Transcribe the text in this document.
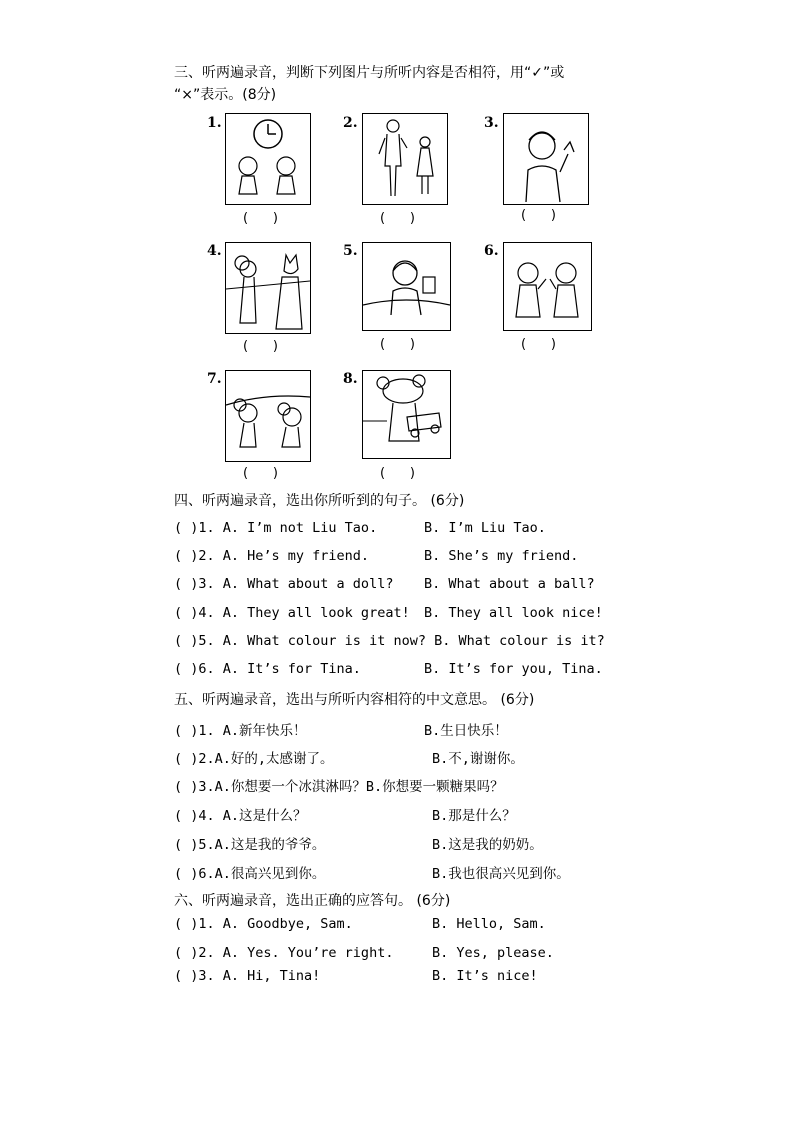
三、听两遍录音，判断下列图片与所听内容是否相符，用“✓”或
“×”表示。(8分)
1.
(      )
2.
(      )
3.
(      )
4.
(      )
5.
(      )
6.
(      )
7.
(      )
8.
(      )
四、听两遍录音，选出你所听到的句子。 (6分)
( )1. A. I’m not Liu Tao.	B. I’m Liu Tao.
( )2. A. He’s my friend.	B. She’s my friend.
( )3. A. What about a doll? B. What about a ball?
( )4. A. They all look great! B. They all look nice!
( )5. A. What colour is it now? B. What colour is it?
( )6. A. It’s for Tina.	B. It’s for you, Tina.
五、听两遍录音，选出与所听内容相符的中文意思。 (6分)
( )1. A.新年快乐！	B.生日快乐！
( )2.A.好的,太感谢了。	B.不,谢谢你。
( )3.A.你想要一个冰淇淋吗？B.你想要一颗糖果吗？
( )4. A.这是什么？	B.那是什么？
( )5.A.这是我的爷爷。	B.这是我的奶奶。
( )6.A.很高兴见到你。	B.我也很高兴见到你。
六、听两遍录音，选出正确的应答句。 (6分)
( )1. A. Goodbye, Sam.	B. Hello, Sam.
( )2. A. Yes. You’re right.	B. Yes, please.
( )3. A. Hi, Tina!	B. It’s nice!
